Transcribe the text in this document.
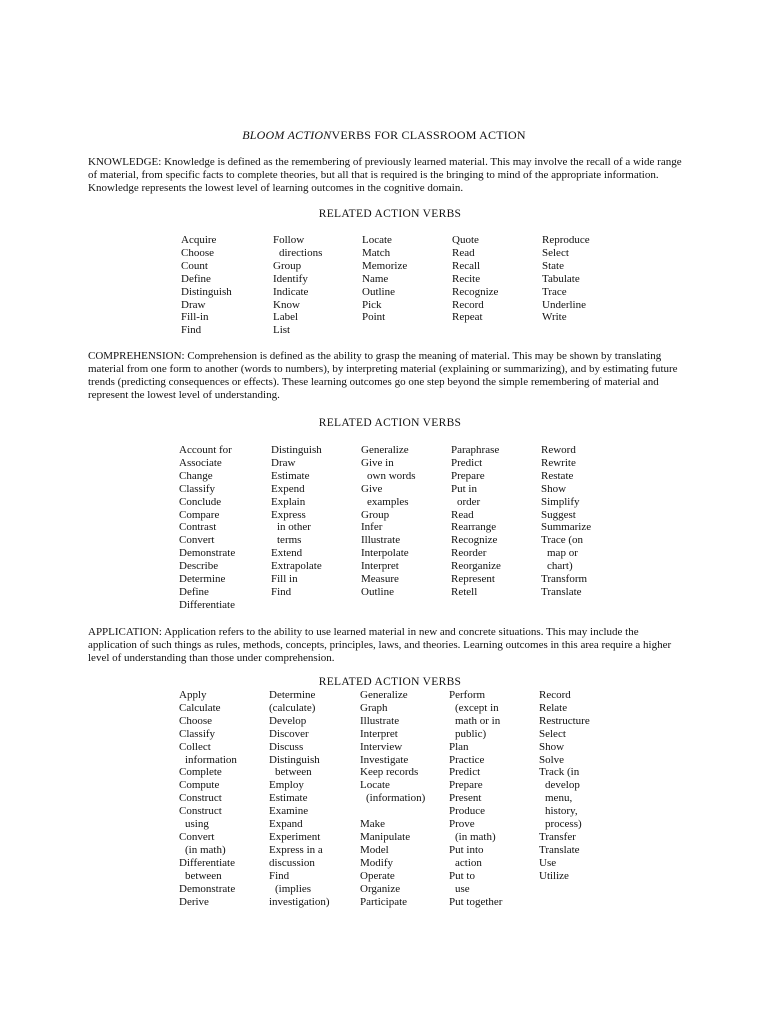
BLOOM ACTIONVERBS FOR CLASSROOM ACTION

KNOWLEDGE: Knowledge is defined as the remembering of previously learned material. This may involve the recall of a wide range of material, from specific facts to complete theories, but all that is required is the bringing to mind of the appropriate information. Knowledge represents the lowest level of learning outcomes in the cognitive domain.

RELATED ACTION VERBS
Acquire
Choose
Count
Define
Distinguish
Draw
Fill-in
Find
Follow
directions
Group
Identify
Indicate
Know
Label
List
Locate
Match
Memorize
Name
Outline
Pick
Point
Quote
Read
Recall
Recite
Recognize
Record
Repeat
Reproduce
Select
State
Tabulate
Trace
Underline
Write

COMPREHENSION: Comprehension is defined as the ability to grasp the meaning of material. This may be shown by translating material from one form to another (words to numbers), by interpreting material (explaining or summarizing), and by estimating future trends (predicting consequences or effects). These learning outcomes go one step beyond the simple remembering of material and represent the lowest level of understanding.

RELATED ACTION VERBS
Account for
Associate
Change
Classify
Conclude
Compare
Contrast
Convert
Demonstrate
Describe
Determine
Define
Differentiate
Distinguish
Draw
Estimate
Expend
Explain
Express
in other
terms
Extend
Extrapolate
Fill in
Find
Generalize
Give in
own words
Give
examples
Group
Infer
Illustrate
Interpolate
Interpret
Measure
Outline
Paraphrase
Predict
Prepare
Put in
order
Read
Rearrange
Recognize
Reorder
Reorganize
Represent
Retell
Reword
Rewrite
Restate
Show
Simplify
Suggest
Summarize
Trace (on
map or
chart)
Transform
Translate

APPLICATION: Application refers to the ability to use learned material in new and concrete situations. This may include the application of such things as rules, methods, concepts, principles, laws, and theories. Learning outcomes in this area require a higher level of understanding than those under comprehension.

RELATED ACTION VERBS
Apply
Calculate
Choose
Classify
Collect
information
Complete
Compute
Construct
Construct
using
Convert
(in math)
Differentiate
between
Demonstrate
Derive
Determine
(calculate)
Develop
Discover
Discuss
Distinguish
between
Employ
Estimate
Examine
Expand
Experiment
Express in a
discussion
Find
(implies
investigation)
Generalize
Graph
Illustrate
Interpret
Interview
Investigate
Keep records
Locate
(information)

Make
Manipulate
Model
Modify
Operate
Organize
Participate
Perform
(except in
math or in
public)
Plan
Practice
Predict
Prepare
Present
Produce
Prove
(in math)
Put into
action
Put to
use
Put together
Record
Relate
Restructure
Select
Show
Solve
Track (in
develop
menu,
history,
process)
Transfer
Translate
Use
Utilize
